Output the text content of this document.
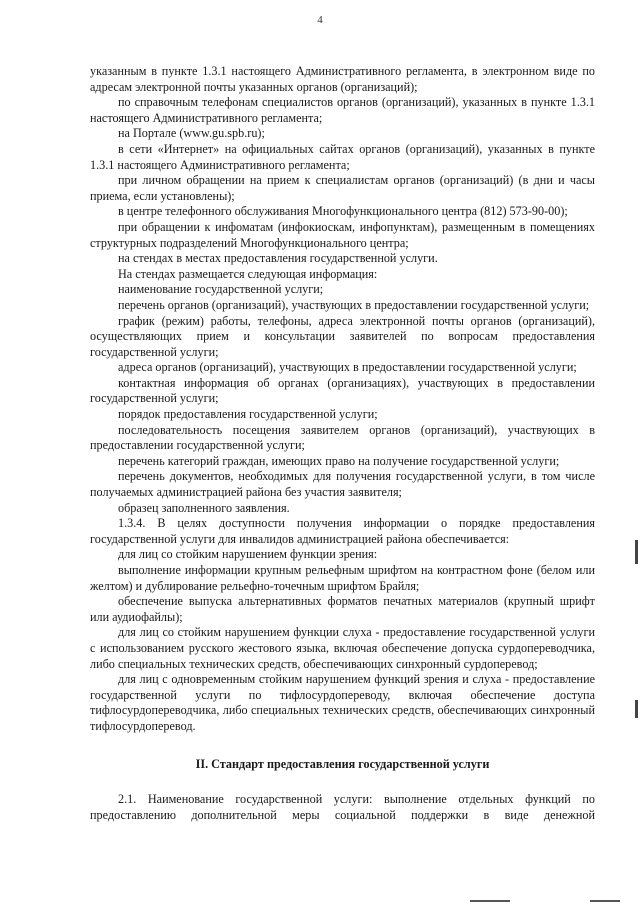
4

указанным в пункте 1.3.1 настоящего Административного регламента, в электронном виде по адресам электронной почты указанных органов (организаций);

по справочным телефонам специалистов органов (организаций), указанных в пункте 1.3.1 настоящего Административного регламента;

на Портале (www.gu.spb.ru);

в сети «Интернет» на официальных сайтах органов (организаций), указанных в пункте 1.3.1 настоящего Административного регламента;

при личном обращении на прием к специалистам органов (организаций) (в дни и часы приема, если установлены);

в центре телефонного обслуживания Многофункционального центра (812) 573-90-00);

при обращении к инфоматам (инфокиоскам, инфопунктам), размещенным в помещениях структурных подразделений Многофункционального центра;

на стендах в местах предоставления государственной услуги.

На стендах размещается следующая информация:

наименование государственной услуги;

перечень органов (организаций), участвующих в предоставлении государственной услуги;

график (режим) работы, телефоны, адреса электронной почты органов (организаций), осуществляющих прием и консультации заявителей по вопросам предоставления государственной услуги;

адреса органов (организаций), участвующих в предоставлении государственной услуги;

контактная информация об органах (организациях), участвующих в предоставлении государственной услуги;

порядок предоставления государственной услуги;

последовательность посещения заявителем органов (организаций), участвующих в предоставлении государственной услуги;

перечень категорий граждан, имеющих право на получение государственной услуги;

перечень документов, необходимых для получения государственной услуги, в том числе получаемых администрацией района без участия заявителя;

образец заполненного заявления.

1.3.4. В целях доступности получения информации о порядке предоставления государственной услуги для инвалидов администрацией района обеспечивается:

для лиц со стойким нарушением функции зрения:

выполнение информации крупным рельефным шрифтом на контрастном фоне (белом или желтом) и дублирование рельефно-точечным шрифтом Брайля;

обеспечение выпуска альтернативных форматов печатных материалов (крупный шрифт или аудиофайлы);

для лиц со стойким нарушением функции слуха - предоставление государственной услуги с использованием русского жестового языка, включая обеспечение допуска сурдопереводчика, либо специальных технических средств, обеспечивающих синхронный сурдоперевод;

для лиц с одновременным стойким нарушением функций зрения и слуха - предоставление государственной услуги по тифлосурдопереводу, включая обеспечение доступа тифлосурдопереводчика, либо специальных технических средств, обеспечивающих синхронный тифлосурдоперевод.

II. Стандарт предоставления государственной услуги

2.1. Наименование государственной услуги: выполнение отдельных функций по предоставлению дополнительной меры социальной поддержки в виде денежной
